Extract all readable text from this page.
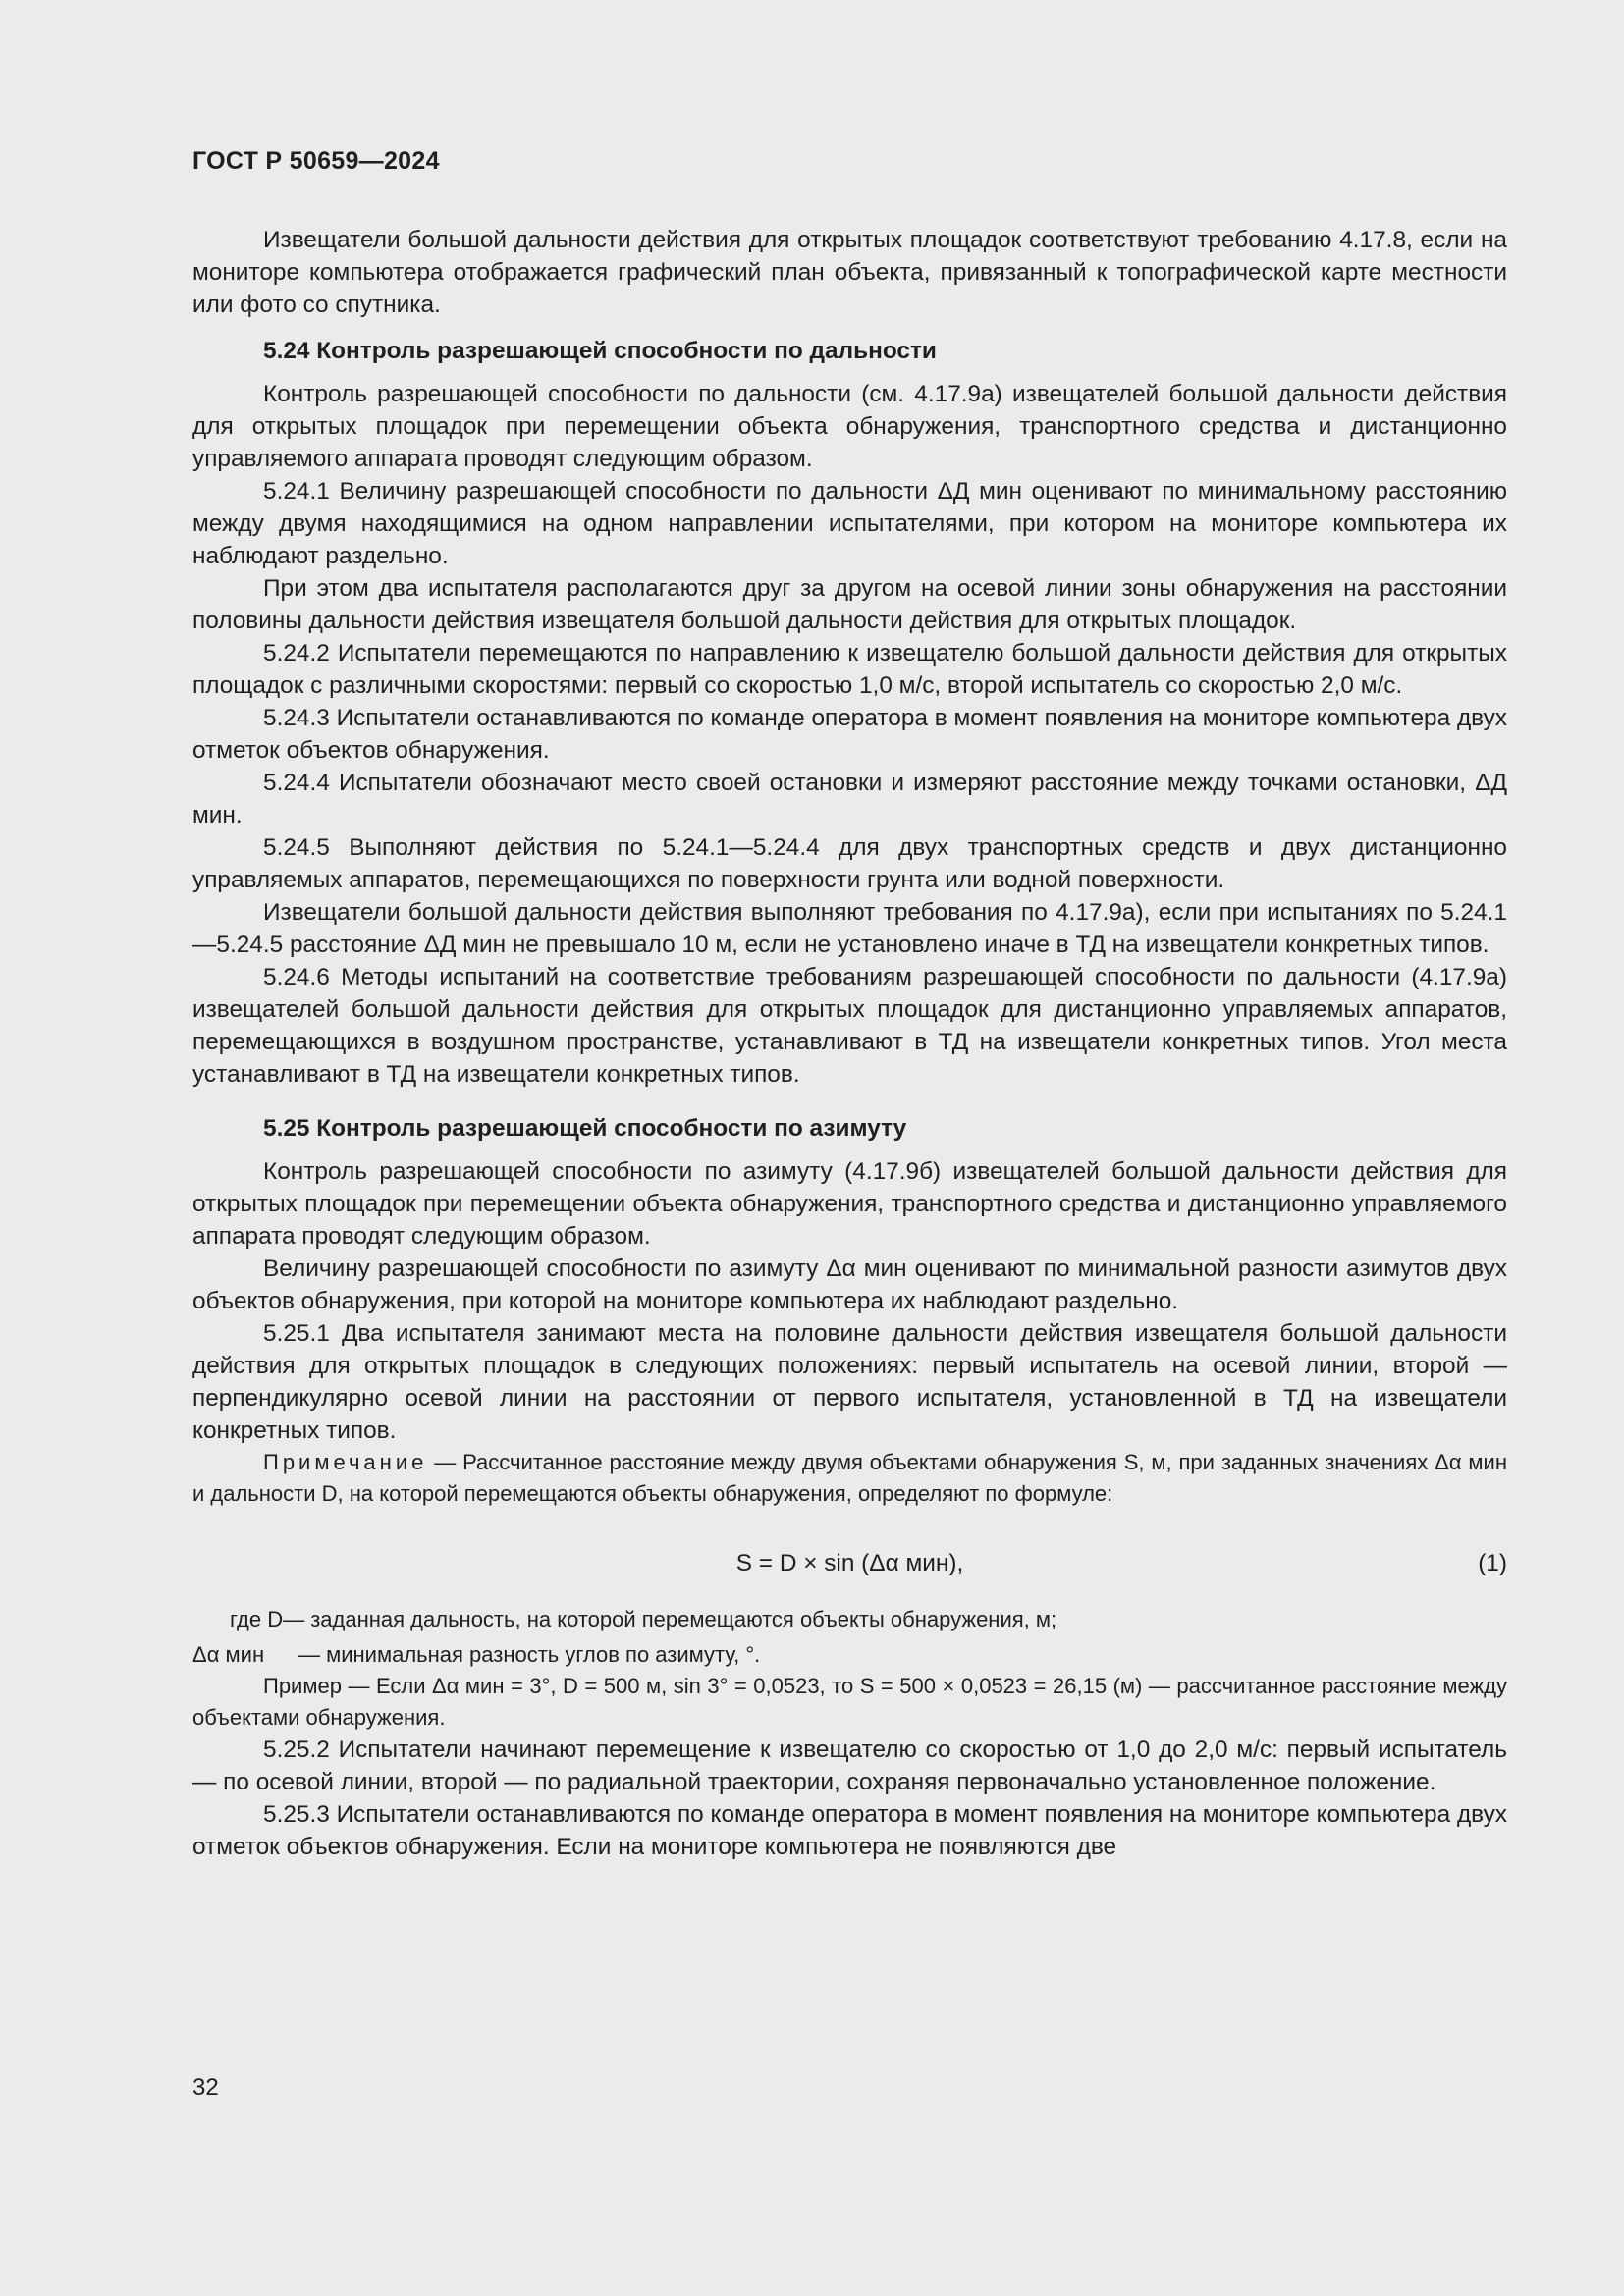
ГОСТ Р 50659—2024

Извещатели большой дальности действия для открытых площадок соответствуют требованию 4.17.8, если на мониторе компьютера отображается графический план объекта, привязанный к топографической карте местности или фото со спутника.

5.24 Контроль разрешающей способности по дальности

Контроль разрешающей способности по дальности (см. 4.17.9а) извещателей большой дальности действия для открытых площадок при перемещении объекта обнаружения, транспортного средства и дистанционно управляемого аппарата проводят следующим образом.

5.24.1 Величину разрешающей способности по дальности ΔД мин оценивают по минимальному расстоянию между двумя находящимися на одном направлении испытателями, при котором на мониторе компьютера их наблюдают раздельно.

При этом два испытателя располагаются друг за другом на осевой линии зоны обнаружения на расстоянии половины дальности действия извещателя большой дальности действия для открытых площадок.

5.24.2 Испытатели перемещаются по направлению к извещателю большой дальности действия для открытых площадок с различными скоростями: первый со скоростью 1,0 м/с, второй испытатель со скоростью 2,0 м/с.

5.24.3 Испытатели останавливаются по команде оператора в момент появления на мониторе компьютера двух отметок объектов обнаружения.

5.24.4 Испытатели обозначают место своей остановки и измеряют расстояние между точками остановки, ΔД мин.

5.24.5 Выполняют действия по 5.24.1—5.24.4 для двух транспортных средств и двух дистанционно управляемых аппаратов, перемещающихся по поверхности грунта или водной поверхности.

Извещатели большой дальности действия выполняют требования по 4.17.9а), если при испытаниях по 5.24.1—5.24.5 расстояние ΔД мин не превышало 10 м, если не установлено иначе в ТД на извещатели конкретных типов.

5.24.6 Методы испытаний на соответствие требованиям разрешающей способности по дальности (4.17.9а) извещателей большой дальности действия для открытых площадок для дистанционно управляемых аппаратов, перемещающихся в воздушном пространстве, устанавливают в ТД на извещатели конкретных типов. Угол места устанавливают в ТД на извещатели конкретных типов.

5.25 Контроль разрешающей способности по азимуту

Контроль разрешающей способности по азимуту (4.17.9б) извещателей большой дальности действия для открытых площадок при перемещении объекта обнаружения, транспортного средства и дистанционно управляемого аппарата проводят следующим образом.

Величину разрешающей способности по азимуту Δα мин оценивают по минимальной разности азимутов двух объектов обнаружения, при которой на мониторе компьютера их наблюдают раздельно.

5.25.1 Два испытателя занимают места на половине дальности действия извещателя большой дальности действия для открытых площадок в следующих положениях: первый испытатель на осевой линии, второй — перпендикулярно осевой линии на расстоянии от первого испытателя, установленной в ТД на извещатели конкретных типов.

Примечание — Рассчитанное расстояние между двумя объектами обнаружения S, м, при заданных значениях Δα мин и дальности D, на которой перемещаются объекты обнаружения, определяют по формуле:

S = D × sin (Δα мин),	(1)
где D — заданная дальность, на которой перемещаются объекты обнаружения, м;
Δα мин	— минимальная разность углов по азимуту, °.

Пример — Если Δα мин = 3°, D = 500 м, sin 3° = 0,0523, то S = 500 × 0,0523 = 26,15 (м) — рассчитанное расстояние между объектами обнаружения.

5.25.2 Испытатели начинают перемещение к извещателю со скоростью от 1,0 до 2,0 м/с: первый испытатель — по осевой линии, второй — по радиальной траектории, сохраняя первоначально установленное положение.

5.25.3 Испытатели останавливаются по команде оператора в момент появления на мониторе компьютера двух отметок объектов обнаружения. Если на мониторе компьютера не появляются две

32
